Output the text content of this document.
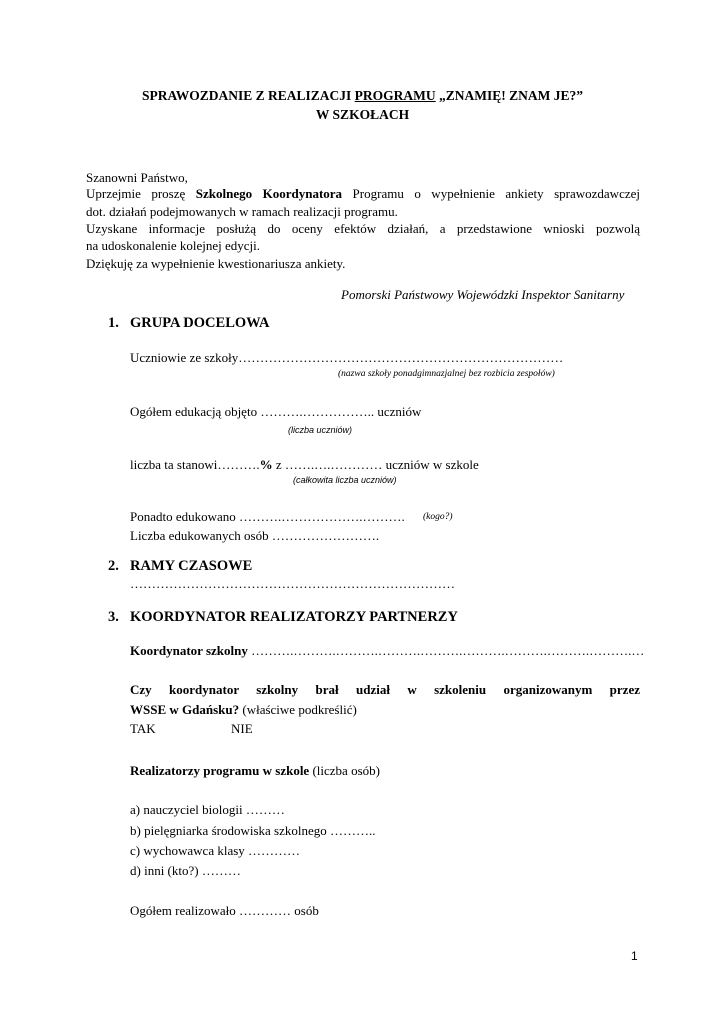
SPRAWOZDANIE Z REALIZACJI PROGRAMU „ZNAMIĘ! ZNAM JE?”
W SZKOŁACH
Szanowni Państwo,
Uprzejmie proszę Szkolnego Koordynatora Programu o wypełnienie ankiety sprawozdawczej
dot. działań podejmowanych w ramach realizacji programu.
Uzyskane informacje posłużą do oceny efektów działań, a przedstawione wnioski pozwolą
na udoskonalenie kolejnej edycji.
Dziękuję za wypełnienie kwestionariusza ankiety.
Pomorski Państwowy Wojewódzki Inspektor Sanitarny
1. GRUPA DOCELOWA
Uczniowie ze szkoły…………………………………………………………………
(nazwa szkoły ponadgimnazjalnej bez rozbicia zespołów)
Ogółem edukacją objęto ……….…………….. uczniów
(liczba uczniów)
liczba ta stanowi……….% z …….….………… uczniów w szkole
(całkowita liczba uczniów)
Ponadto edukowano ……….……………….………. (kogo?)
Liczba edukowanych osób …………………….
2. RAMY CZASOWE
…………………………………………………………………
3. KOORDYNATOR REALIZATORZY PARTNERZY
Koordynator szkolny ……….……….……….……….……….……….……….……….……….…
Czy koordynator szkolny brał udział w szkoleniu organizowanym przez
WSSE w Gdańsku? (właściwe podkreślić)
TAK	NIE
Realizatorzy programu w szkole (liczba osób)
a) nauczyciel biologii ………
b) pielęgniarka środowiska szkolnego ………..
c) wychowawca klasy …………
d) inni (kto?) ………
Ogółem realizowało ………… osób
1
